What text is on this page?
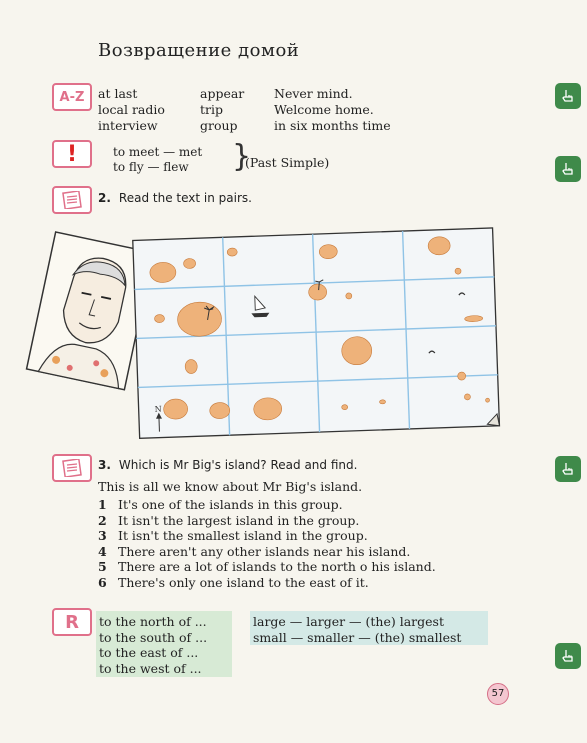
Возвращение домой
A-Z at last
local radio
interview
appear
trip
group
Never mind.
Welcome home.
in six months time
!	to meet — met
to fly — flew	}
(Past Simple)
2. Read the text in pairs.
N
3. Which is Mr Big's island? Read and find.
This is all we know about Mr Big's island.
1 It's one of the islands in this group.
2 It isn't the largest island in the group.
3 It isn't the smallest island in the group.
4 There aren't any other islands near his island.
5 There are a lot of islands to the north o his island.
6 There's only one island to the east of it.
R to the north of ...
to the south of ...
to the east of ...
to the west of ...
large — larger — (the) largest
small — smaller — (the) smallest
57
